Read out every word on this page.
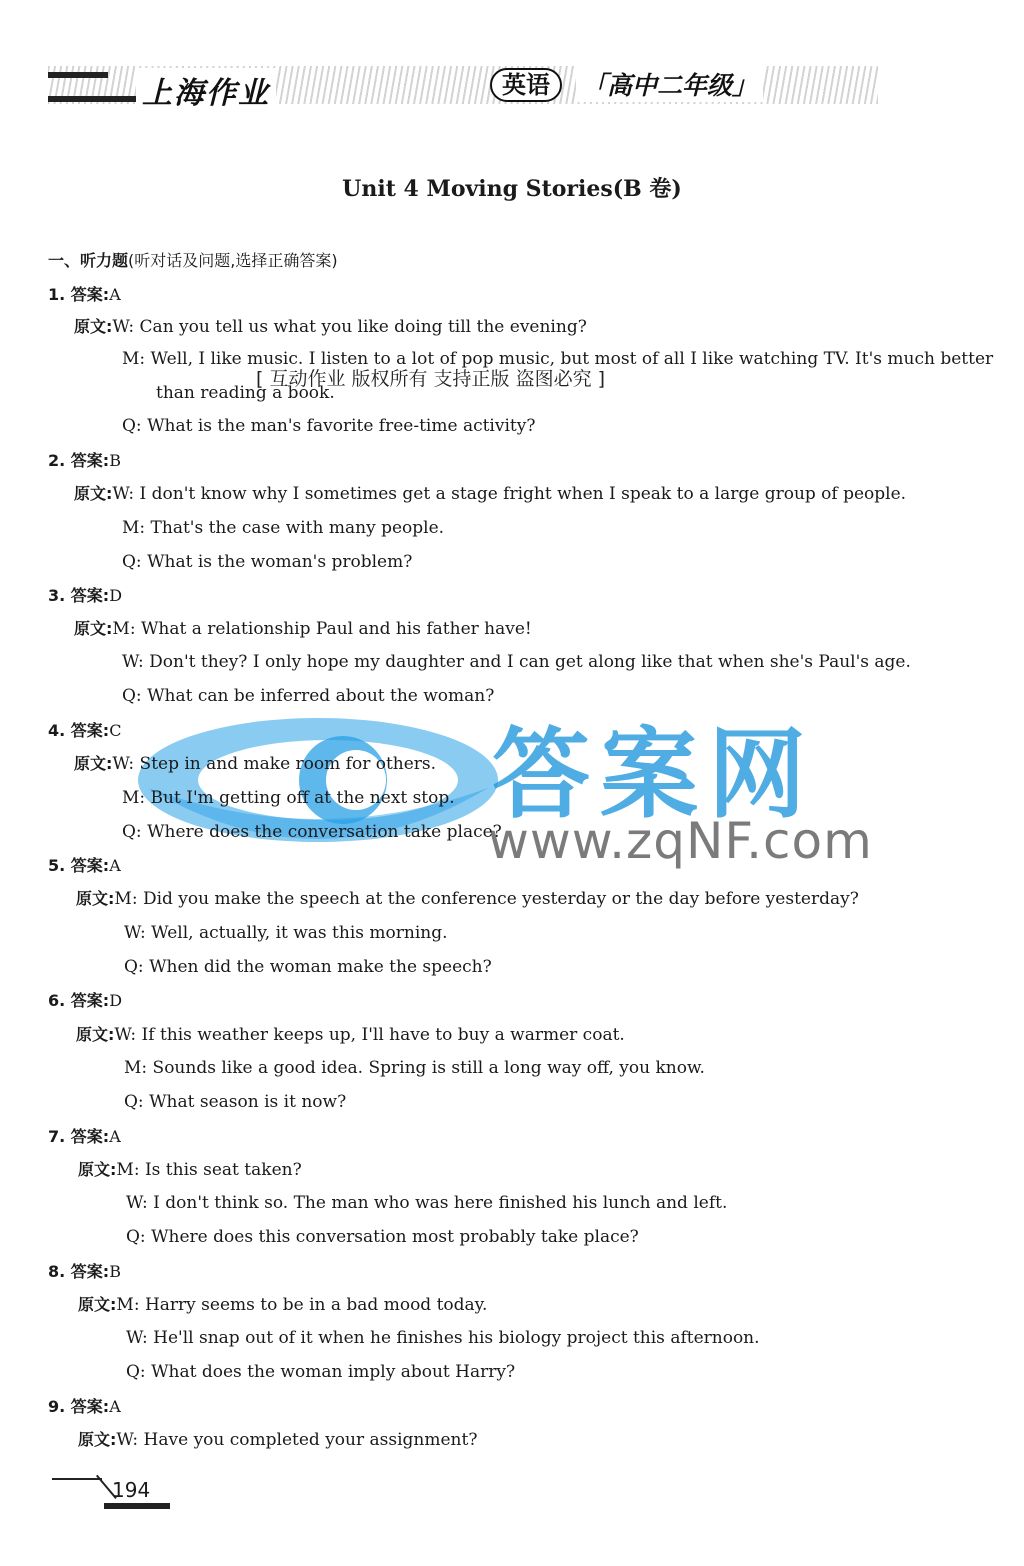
上海作业	英语	「高中二年级」
Unit 4 Moving Stories(B 卷)
一、听力题(听对话及问题,选择正确答案)
答案网
www.zqNF.com
1. 答案:A
原文:W: Can you tell us what you like doing till the evening?
M: Well, I like music. I listen to a lot of pop music, but most of all I like watching TV. It's much better
[ 互动作业 版权所有 支持正版 盗图必究 ]
than reading a book.
Q: What is the man's favorite free-time activity?
2. 答案:B
原文:W: I don't know why I sometimes get a stage fright when I speak to a large group of people.
M: That's the case with many people.
Q: What is the woman's problem?
3. 答案:D
原文:M: What a relationship Paul and his father have!
W: Don't they? I only hope my daughter and I can get along like that when she's Paul's age.
Q: What can be inferred about the woman?
4. 答案:C
原文:W: Step in and make room for others.
M: But I'm getting off at the next stop.
Q: Where does the conversation take place?
5. 答案:A
原文:M: Did you make the speech at the conference yesterday or the day before yesterday?
W: Well, actually, it was this morning.
Q: When did the woman make the speech?
6. 答案:D
原文:W: If this weather keeps up, I'll have to buy a warmer coat.
M: Sounds like a good idea. Spring is still a long way off, you know.
Q: What season is it now?
7. 答案:A
原文:M: Is this seat taken?
W: I don't think so. The man who was here finished his lunch and left.
Q: Where does this conversation most probably take place?
8. 答案:B
原文:M: Harry seems to be in a bad mood today.
W: He'll snap out of it when he finishes his biology project this afternoon.
Q: What does the woman imply about Harry?
9. 答案:A
原文:W: Have you completed your assignment?
194
